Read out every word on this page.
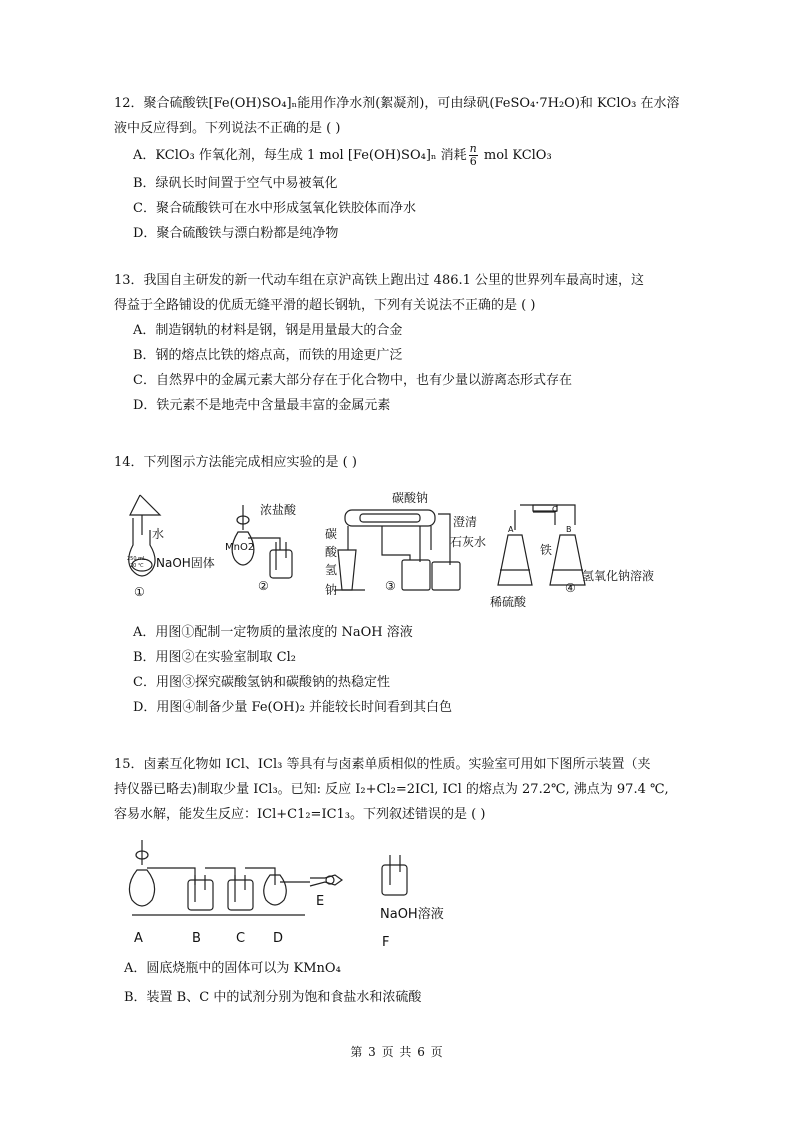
12．聚合硫酸铁[Fe(OH)SO₄]ₙ能用作净水剂(絮凝剂)，可由绿矾(FeSO₄·7H₂O)和 KClO₃ 在水溶
液中反应得到。下列说法不正确的是 ( )
A．KClO₃ 作氧化剂，每生成 1 mol [Fe(OH)SO₄]ₙ 消耗 $\frac{n}{6}$ mol KClO₃
B．绿矾长时间置于空气中易被氧化
C．聚合硫酸铁可在水中形成氢氧化铁胶体而净水
D．聚合硫酸铁与漂白粉都是纯净物
13．我国自主研发的新一代动车组在京沪高铁上跑出过 486.1 公里的世界列车最高时速，这
得益于全路铺设的优质无缝平滑的超长钢轨，下列有关说法不正确的是 ( )
A．制造钢轨的材料是钢，钢是用量最大的合金
B．钢的熔点比铁的熔点高，而铁的用途更广泛
C．自然界中的金属元素大部分存在于化合物中，也有少量以游离态形式存在
D．铁元素不是地壳中含量最丰富的金属元素
14．下列图示方法能完成相应实验的是 ( )
水
NaOH固体
250 mL
20 ℃
①
浓盐酸
MnO2
②
碳酸钠
碳
酸
氢
钠
澄清
石灰水
③
A	B
C
铁
稀硫酸
④
氢氧化钠溶液
A．用图①配制一定物质的量浓度的 NaOH 溶液
B．用图②在实验室制取 Cl₂
C．用图③探究碳酸氢钠和碳酸钠的热稳定性
D．用图④制备少量 Fe(OH)₂ 并能较长时间看到其白色
15．卤素互化物如 ICl、ICl₃ 等具有与卤素单质相似的性质。实验室可用如下图所示装置（夹
持仪器已略去)制取少量 ICl₃。已知: 反应 I₂+Cl₂=2ICl, ICl 的熔点为 27.2℃, 沸点为 97.4 ℃,
容易水解，能发生反应：ICl+C1₂=IC1₃。下列叙述错误的是 ( )
A	B	C D
E
NaOH溶液
F
A．圆底烧瓶中的固体可以为 KMnO₄
B．装置 B、C 中的试剂分别为饱和食盐水和浓硫酸
第 3 页 共 6 页
